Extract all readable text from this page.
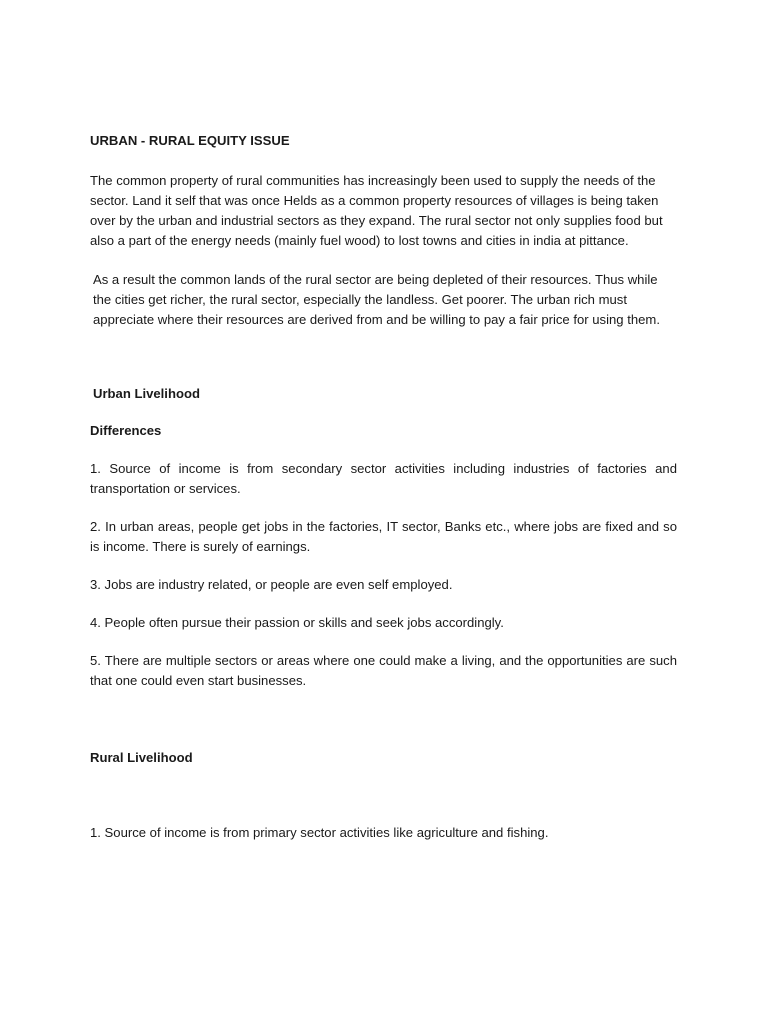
URBAN - RURAL EQUITY ISSUE

The common property of rural communities has increasingly been used to supply the needs of the sector. Land it self that was once Helds as a common property resources of villages is being taken over by the urban and industrial sectors as they expand. The rural sector not only supplies food but also a part of the energy needs (mainly fuel wood) to lost towns and cities in india at pittance.

As a result the common lands of the rural sector are being depleted of their resources. Thus while the cities get richer, the rural sector, especially the landless. Get poorer. The urban rich must appreciate where their resources are derived from and be willing to pay a fair price for using them.

Urban Livelihood

Differences

1. Source of income is from secondary sector activities including industries of factories and transportation or services.

2. In urban areas, people get jobs in the factories, IT sector, Banks etc., where jobs are fixed and so is income. There is surely of earnings.

3. Jobs are industry related, or people are even self employed.

4. People often pursue their passion or skills and seek jobs accordingly.

5. There are multiple sectors or areas where one could make a living, and the opportunities are such that one could even start businesses.

Rural Livelihood

1. Source of income is from primary sector activities like agriculture and fishing.
